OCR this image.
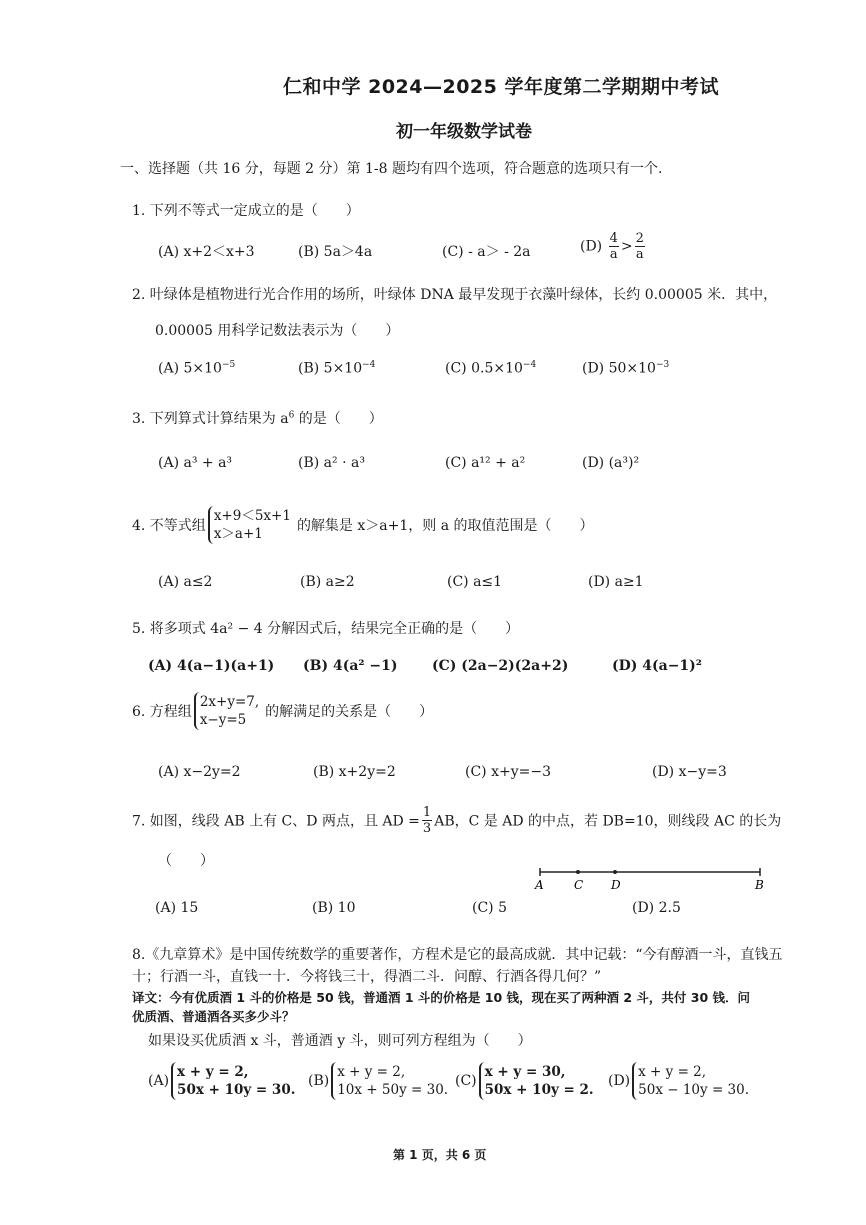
仁和中学 2024—2025 学年度第二学期期中考试
初一年级数学试卷
一、选择题（共 16 分，每题 2 分）第 1-8 题均有四个选项，符合题意的选项只有一个.
1. 下列不等式一定成立的是（　　）
(A) x+2＜x+3	(B) 5a＞4a	(C) - a＞ - 2a	$(D) \frac{4}{a} > \frac{2}{a}$
2. 叶绿体是植物进行光合作用的场所，叶绿体 DNA 最早发现于衣藻叶绿体，长约 0.00005 米．其中，
0.00005 用科学记数法表示为（　　）
(A) $5\times 10^{-5}$	(B) $5\times 10^{-4}$	(C) $0.5\times 10^{-4}$	(D) $50\times 10^{-3}$
3. 下列算式计算结果为 $a^6$ 的是（　　）
(A) a³ + a³	(B) a² · a³	(C) a¹² + a²	(D) (a³)²
4. 不等式组
x+9＜5x+1
x＞a+1	的解集是 x＞a+1，则 a 的取值范围是（　　）
(A) a≤2	(B) a≥2	(C) a≤1	(D) a≥1
5. 将多项式 4a² − 4 分解因式后，结果完全正确的是（　　）
(A) 4(a−1)(a+1) (B) 4(a² −1) (C) (2a−2)(2a+2)	(D) 4(a−1)²
6. 方程组
2x+y=7,
x−y=5	的解满足的关系是（　　）
(A) x−2y=2	(B) x+2y=2	(C) x+y=−3	(D) x−y=3
7. 如图，线段 AB 上有 C、D 两点，且 AD = $\frac{1}{3}$ AB，C 是 AD 的中点，若 DB=10，则线段 AC 的长为
（　　）
A	C D	B
(A) 15	(B) 10	(C) 5	(D) 2.5
8.《九章算术》是中国传统数学的重要著作，方程术是它的最高成就．其中记载：“今有醇酒一斗，直钱五
十；行酒一斗，直钱一十．今将钱三十，得酒二斗．问醇、行酒各得几何？”
译文：今有优质酒 1 斗的价格是 50 钱，普通酒 1 斗的价格是 10 钱，现在买了两种酒 2 斗，共付 30 钱．问
优质酒、普通酒各买多少斗？
如果设买优质酒 x 斗，普通酒 y 斗，则可列方程组为（　　）
(A)
x + y = 2,
50x + 10y = 30.
(B)
x + y = 2,
10x + 50y = 30.
(C)
x + y = 30,
50x + 10y = 2.
(D)
x + y = 2,
50x − 10y = 30.
第 1 页，共 6 页
